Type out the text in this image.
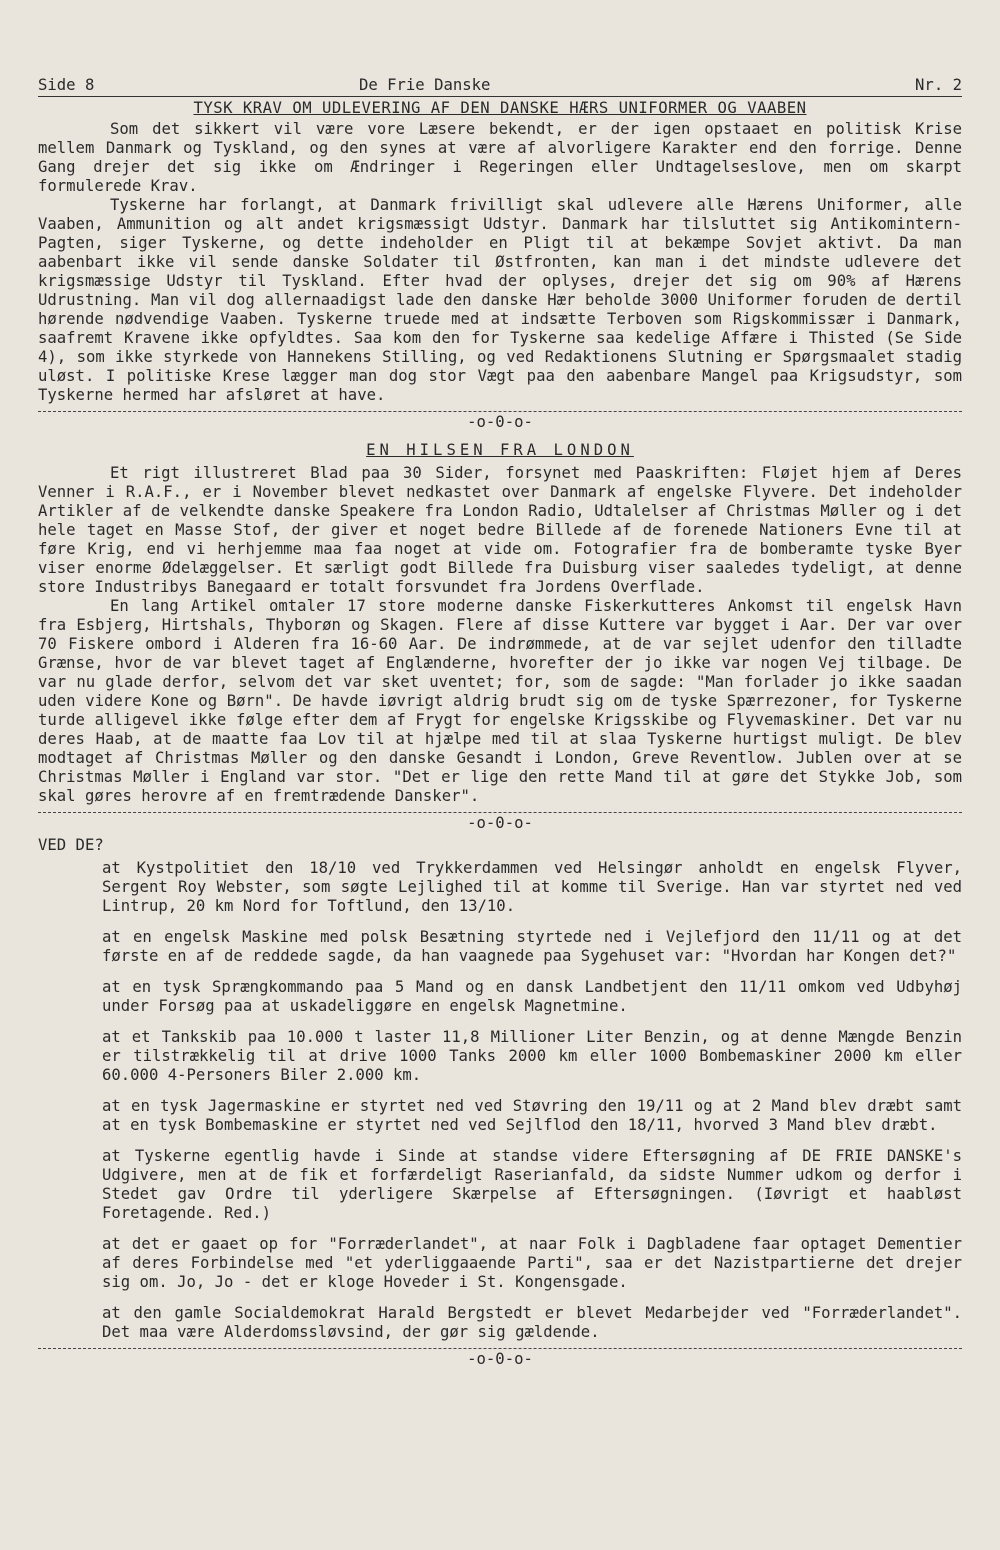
Side 8	De Frie Danske	Nr. 2
TYSK KRAV OM UDLEVERING AF DEN DANSKE HÆRS UNIFORMER OG VAABEN

Som det sikkert vil være vore Læsere bekendt, er der igen opstaaet en politisk Krise mellem Danmark og Tyskland, og den synes at være af alvorligere Karakter end den forrige. Denne Gang drejer det sig ikke om Ændringer i Regeringen eller Undtagelseslove, men om skarpt formulerede Krav.

Tyskerne har forlangt, at Danmark frivilligt skal udlevere alle Hærens Uniformer, alle Vaaben, Ammunition og alt andet krigsmæssigt Udstyr. Danmark har tilsluttet sig Antikomintern-Pagten, siger Tyskerne, og dette indeholder en Pligt til at bekæmpe Sovjet aktivt. Da man aabenbart ikke vil sende danske Soldater til Østfronten, kan man i det mindste udlevere det krigsmæssige Udstyr til Tyskland. Efter hvad der oplyses, drejer det sig om 90% af Hærens Udrustning. Man vil dog allernaadigst lade den danske Hær beholde 3000 Uniformer foruden de dertil hørende nødvendige Vaaben. Tyskerne truede med at indsætte Terboven som Rigskommissær i Danmark, saafremt Kravene ikke opfyldtes. Saa kom den for Tyskerne saa kedelige Affære i Thisted (Se Side 4), som ikke styrkede von Hannekens Stilling, og ved Redaktionens Slutning er Spørgsmaalet stadig uløst. I politiske Krese lægger man dog stor Vægt paa den aabenbare Mangel paa Krigsudstyr, som Tyskerne hermed har afsløret at have.

-o-0-o-
EN HILSEN FRA LONDON

Et rigt illustreret Blad paa 30 Sider, forsynet med Paaskriften: Fløjet hjem af Deres Venner i R.A.F., er i November blevet nedkastet over Danmark af engelske Flyvere. Det indeholder Artikler af de velkendte danske Speakere fra London Radio, Udtalelser af Christmas Møller og i det hele taget en Masse Stof, der giver et noget bedre Billede af de forenede Nationers Evne til at føre Krig, end vi herhjemme maa faa noget at vide om. Fotografier fra de bomberamte tyske Byer viser enorme Ødelæggelser. Et særligt godt Billede fra Duisburg viser saaledes tydeligt, at denne store Industribys Banegaard er totalt forsvundet fra Jordens Overflade.

En lang Artikel omtaler 17 store moderne danske Fiskerkutteres Ankomst til engelsk Havn fra Esbjerg, Hirtshals, Thyborøn og Skagen. Flere af disse Kuttere var bygget i Aar. Der var over 70 Fiskere ombord i Alderen fra 16-60 Aar. De indrømmede, at de var sejlet udenfor den tilladte Grænse, hvor de var blevet taget af Englænderne, hvorefter der jo ikke var nogen Vej tilbage. De var nu glade derfor, selvom det var sket uventet; for, som de sagde: "Man forlader jo ikke saadan uden videre Kone og Børn". De havde iøvrigt aldrig brudt sig om de tyske Spærrezoner, for Tyskerne turde alligevel ikke følge efter dem af Frygt for engelske Krigsskibe og Flyvemaskiner. Det var nu deres Haab, at de maatte faa Lov til at hjælpe med til at slaa Tyskerne hurtigst muligt. De blev modtaget af Christmas Møller og den danske Gesandt i London, Greve Reventlow. Jublen over at se Christmas Møller i England var stor. "Det er lige den rette Mand til at gøre det Stykke Job, som skal gøres herovre af en fremtrædende Dansker".

-o-0-o-
VED DE?

at Kystpolitiet den 18/10 ved Trykkerdammen ved Helsingør anholdt en engelsk Flyver, Sergent Roy Webster, som søgte Lejlighed til at komme til Sverige. Han var styrtet ned ved Lintrup, 20 km Nord for Toftlund, den 13/10.

at en engelsk Maskine med polsk Besætning styrtede ned i Vejlefjord den 11/11 og at det første en af de reddede sagde, da han vaagnede paa Sygehuset var: "Hvordan har Kongen det?"

at en tysk Sprængkommando paa 5 Mand og en dansk Landbetjent den 11/11 omkom ved Udbyhøj under Forsøg paa at uskadeliggøre en engelsk Magnetmine.

at et Tankskib paa 10.000 t laster 11,8 Millioner Liter Benzin, og at denne Mængde Benzin er tilstrækkelig til at drive 1000 Tanks 2000 km eller 1000 Bombemaskiner 2000 km eller 60.000 4-Personers Biler 2.000 km.

at en tysk Jagermaskine er styrtet ned ved Støvring den 19/11 og at 2 Mand blev dræbt samt at en tysk Bombemaskine er styrtet ned ved Sejlflod den 18/11, hvorved 3 Mand blev dræbt.

at Tyskerne egentlig havde i Sinde at standse videre Eftersøgning af DE FRIE DANSKE's Udgivere, men at de fik et forfærdeligt Raserianfald, da sidste Nummer udkom og derfor i Stedet gav Ordre til yderligere Skærpelse af Eftersøgningen. (Iøvrigt et haabløst Foretagende. Red.)

at det er gaaet op for "Forræderlandet", at naar Folk i Dagbladene faar optaget Dementier af deres Forbindelse med "et yderliggaaende Parti", saa er det Nazistpartierne det drejer sig om. Jo, Jo - det er kloge Hoveder i St. Kongensgade.

at den gamle Socialdemokrat Harald Bergstedt er blevet Medarbejder ved "Forræderlandet". Det maa være Alderdomssløvsind, der gør sig gældende.

-o-0-o-
